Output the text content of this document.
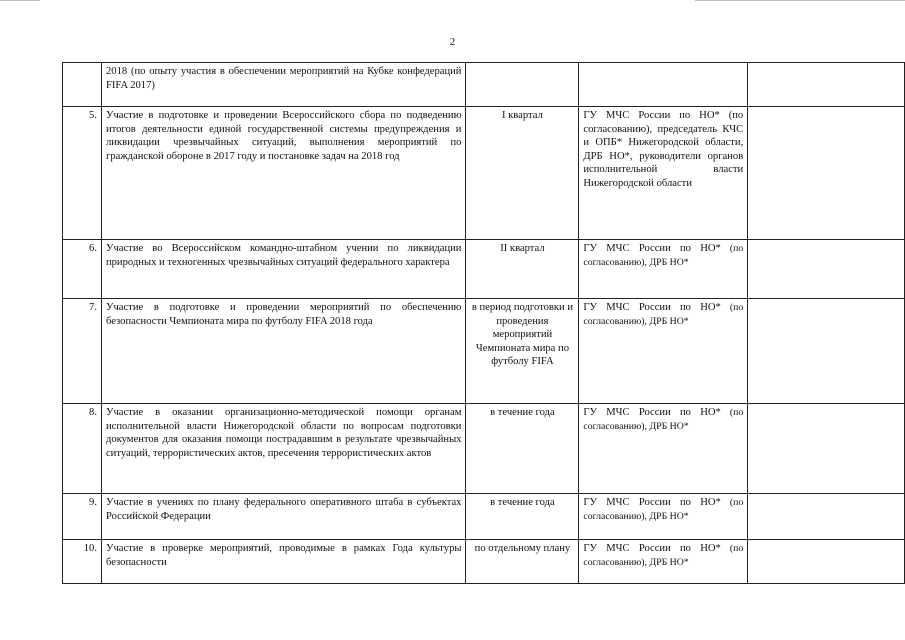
2
	2018 (по опыту участия в обеспечении мероприятий на Кубке конфедераций FIFA 2017)			
5.	Участие в подготовке и проведении Всероссийского сбора по подведению итогов деятельности единой государственной системы предупреждения и ликвидации чрезвычайных ситуаций, выполнения мероприятий по гражданской обороне в 2017 году и постановке задач на 2018 год	I квартал	ГУ МЧС России по НО* (по согласованию), председатель КЧС и ОПБ* Нижегородской области, ДРБ НО*, руководители органов исполнительной власти Нижегородской области	
6.	Участие во Всероссийском командно-штабном учении по ликвидации природных и техногенных чрезвычайных ситуаций федерального характера	II квартал	ГУ МЧС России по НО* (по согласованию), ДРБ НО*	
7.	Участие в подготовке и проведении мероприятий по обеспечению безопасности Чемпионата мира по футболу FIFA 2018 года	в период подготовки и проведения мероприятий Чемпионата мира по футболу FIFA	ГУ МЧС России по НО* (по согласованию), ДРБ НО*	
8.	Участие в оказании организационно-методической помощи органам исполнительной власти Нижегородской области по вопросам подготовки документов для оказания помощи пострадавшим в результате чрезвычайных ситуаций, террористических актов, пресечения террористических актов	в течение года	ГУ МЧС России по НО* (по согласованию), ДРБ НО*	
9.	Участие в учениях по плану федерального оперативного штаба в субъектах Российской Федерации	в течение года	ГУ МЧС России по НО* (по согласованию), ДРБ НО*	
10.	Участие в проверке мероприятий, проводимые в рамках Года культуры безопасности	по отдельному плану	ГУ МЧС России по НО* (по согласованию), ДРБ НО*	
